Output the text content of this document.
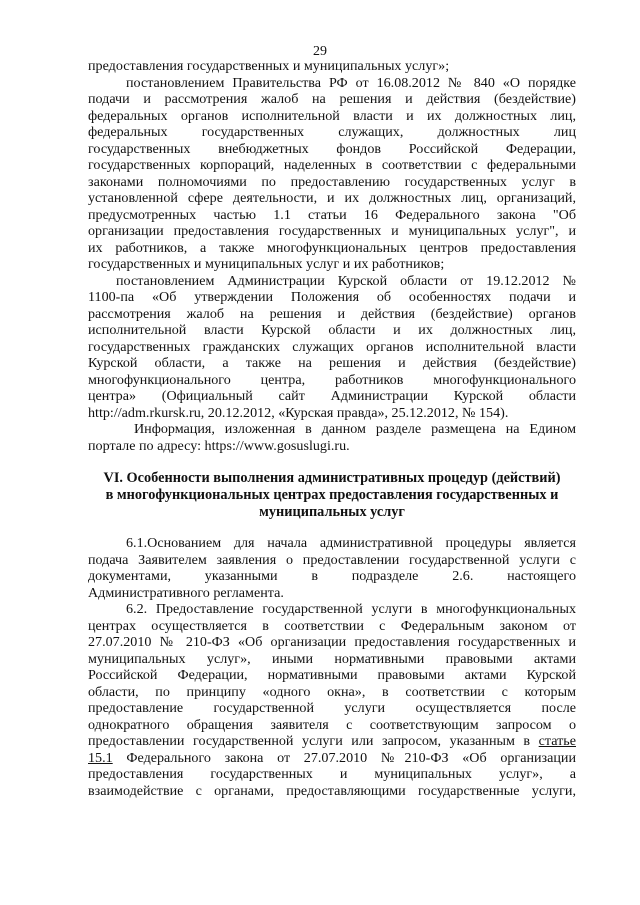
29
предоставления государственных и муниципальных услуг»;
постановлением Правительства РФ от 16.08.2012 № 840 «О порядке
подачи и рассмотрения жалоб на решения и действия (бездействие)
федеральных органов исполнительной власти и их должностных лиц,
федеральных государственных служащих, должностных лиц
государственных внебюджетных фондов Российской Федерации,
государственных корпораций, наделенных в соответствии с федеральными
законами полномочиями по предоставлению государственных услуг в
установленной сфере деятельности, и их должностных лиц, организаций,
предусмотренных частью 1.1 статьи 16 Федерального закона "Об
организации предоставления государственных и муниципальных услуг", и
их работников, а также многофункциональных центров предоставления
государственных и муниципальных услуг и их работников;
постановлением Администрации Курской области от 19.12.2012 №
1100-па «Об утверждении Положения об особенностях подачи и
рассмотрения жалоб на решения и действия (бездействие) органов
исполнительной власти Курской области и их должностных лиц,
государственных гражданских служащих органов исполнительной власти
Курской области, а также на решения и действия (бездействие)
многофункционального центра, работников многофункционального
центра» (Официальный сайт Администрации Курской области
http://adm.rkursk.ru, 20.12.2012, «Курская правда», 25.12.2012, № 154).
Информация, изложенная в данном разделе размещена на Едином
портале по адресу: https://www.gosuslugi.ru.
VI. Особенности выполнения административных процедур (действий)
в многофункциональных центрах предоставления государственных и
муниципальных услуг
6.1.Основанием для начала административной процедуры является
подача Заявителем заявления о предоставлении государственной услуги с
документами, указанными в подразделе 2.6. настоящего
Административного регламента.
6.2. Предоставление государственной услуги в многофункциональных
центрах осуществляется в соответствии с Федеральным законом от
27.07.2010 № 210-ФЗ «Об организации предоставления государственных и
муниципальных услуг», иными нормативными правовыми актами
Российской Федерации, нормативными правовыми актами Курской
области, по принципу «одного окна», в соответствии с которым
предоставление государственной услуги осуществляется после
однократного обращения заявителя с соответствующим запросом о
предоставлении государственной услуги или запросом, указанным в статье
15.1 Федерального закона от 27.07.2010 №210-ФЗ «Об организации
предоставления государственных и муниципальных услуг», а
взаимодействие с органами, предоставляющими государственные услуги,
